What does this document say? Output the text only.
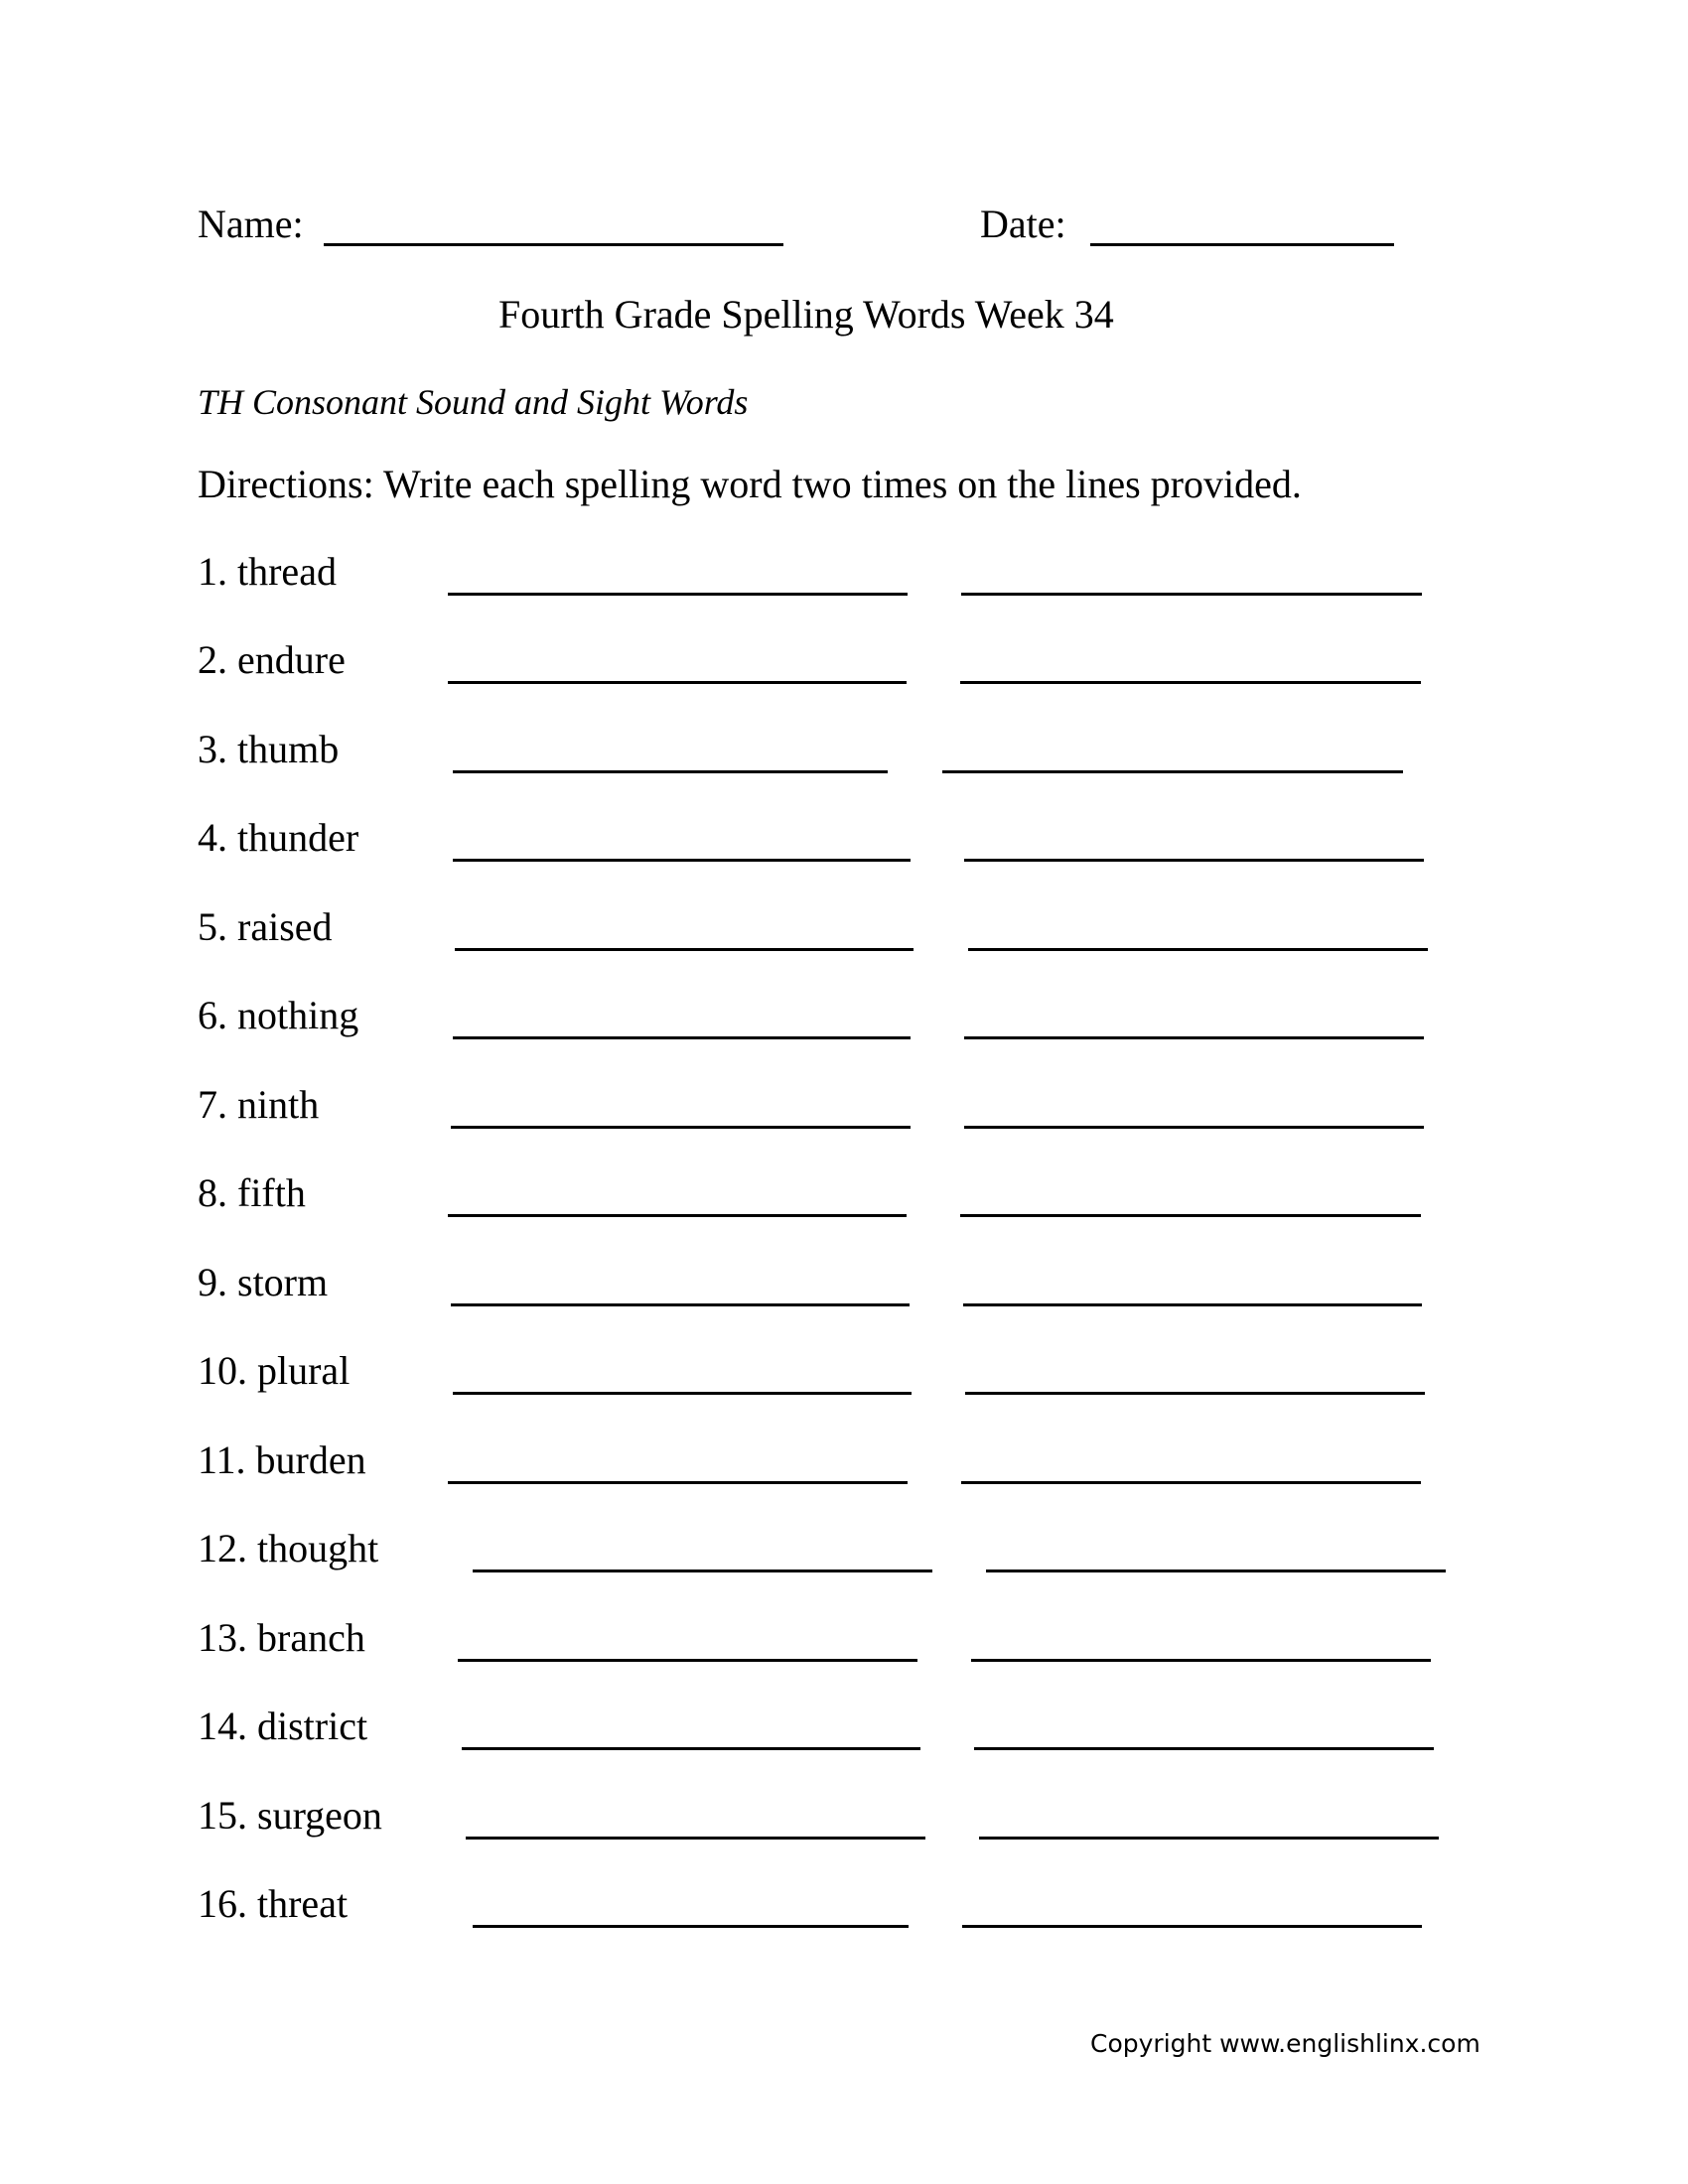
Name:	Date:
Fourth Grade Spelling Words Week 34
TH Consonant Sound and Sight Words
Directions: Write each spelling word two times on the lines provided.
1. thread
2. endure
3. thumb
4. thunder
5. raised
6. nothing
7. ninth
8. fifth
9. storm
10. plural
11. burden
12. thought
13. branch
14. district
15. surgeon
16. threat
Copyright www.englishlinx.com
